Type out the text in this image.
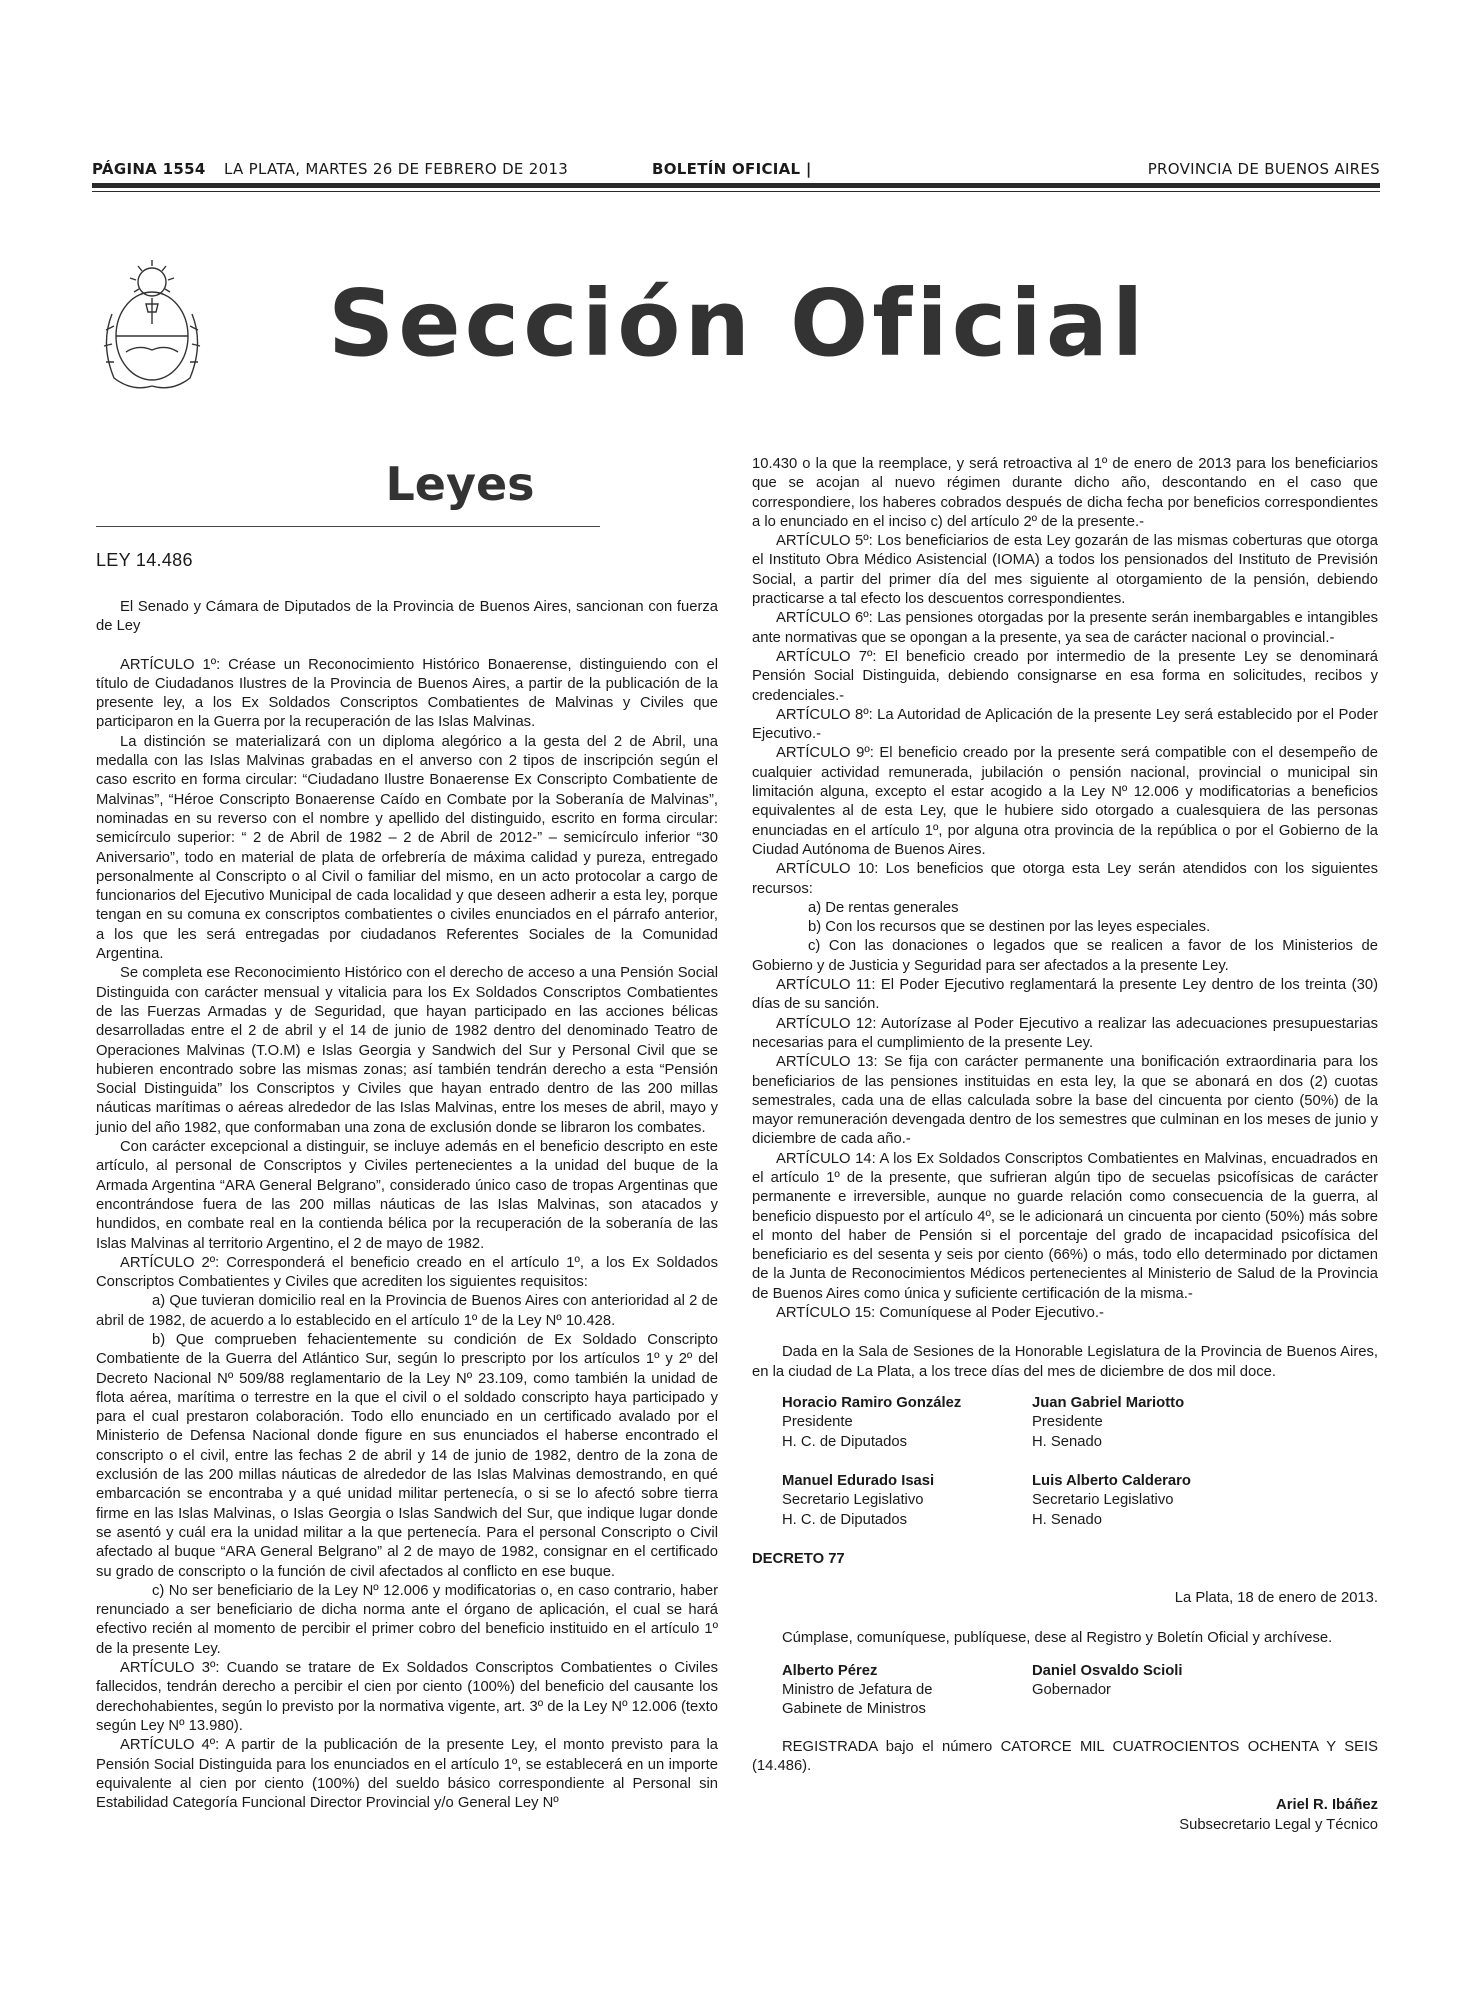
PÁGINA 1554 LA PLATA, MARTES 26 DE FEBRERO DE 2013	BOLETÍN OFICIAL |	PROVINCIA DE BUENOS AIRES
Sección Oficial
Leyes
LEY 14.486

El Senado y Cámara de Diputados de la Provincia de Buenos Aires, sancionan con fuerza de Ley

ARTÍCULO 1º: Créase un Reconocimiento Histórico Bonaerense, distinguiendo con el título de Ciudadanos Ilustres de la Provincia de Buenos Aires, a partir de la publicación de la presente ley, a los Ex Soldados Conscriptos Combatientes de Malvinas y Civiles que participaron en la Guerra por la recuperación de las Islas Malvinas.

La distinción se materializará con un diploma alegórico a la gesta del 2 de Abril, una medalla con las Islas Malvinas grabadas en el anverso con 2 tipos de inscripción según el caso escrito en forma circular: “Ciudadano Ilustre Bonaerense Ex Conscripto Combatiente de Malvinas”, “Héroe Conscripto Bonaerense Caído en Combate por la Soberanía de Malvinas”, nominadas en su reverso con el nombre y apellido del distinguido, escrito en forma circular: semicírculo superior: “ 2 de Abril de 1982 – 2 de Abril de 2012-” – semicírculo inferior “30 Aniversario”, todo en material de plata de orfebrería de máxima calidad y pureza, entregado personalmente al Conscripto o al Civil o familiar del mismo, en un acto protocolar a cargo de funcionarios del Ejecutivo Municipal de cada localidad y que deseen adherir a esta ley, porque tengan en su comuna ex conscriptos combatientes o civiles enunciados en el párrafo anterior, a los que les será entregadas por ciudadanos Referentes Sociales de la Comunidad Argentina.

Se completa ese Reconocimiento Histórico con el derecho de acceso a una Pensión Social Distinguida con carácter mensual y vitalicia para los Ex Soldados Conscriptos Combatientes de las Fuerzas Armadas y de Seguridad, que hayan participado en las acciones bélicas desarrolladas entre el 2 de abril y el 14 de junio de 1982 dentro del denominado Teatro de Operaciones Malvinas (T.O.M) e Islas Georgia y Sandwich del Sur y Personal Civil que se hubieren encontrado sobre las mismas zonas; así también tendrán derecho a esta “Pensión Social Distinguida” los Conscriptos y Civiles que hayan entrado dentro de las 200 millas náuticas marítimas o aéreas alrededor de las Islas Malvinas, entre los meses de abril, mayo y junio del año 1982, que conformaban una zona de exclusión donde se libraron los combates.

Con carácter excepcional a distinguir, se incluye además en el beneficio descripto en este artículo, al personal de Conscriptos y Civiles pertenecientes a la unidad del buque de la Armada Argentina “ARA General Belgrano”, considerado único caso de tropas Argentinas que encontrándose fuera de las 200 millas náuticas de las Islas Malvinas, son atacados y hundidos, en combate real en la contienda bélica por la recuperación de la soberanía de las Islas Malvinas al territorio Argentino, el 2 de mayo de 1982.

ARTÍCULO 2º: Corresponderá el beneficio creado en el artículo 1º, a los Ex Soldados Conscriptos Combatientes y Civiles que acrediten los siguientes requisitos:

a) Que tuvieran domicilio real en la Provincia de Buenos Aires con anterioridad al 2 de abril de 1982, de acuerdo a lo establecido en el artículo 1º de la Ley Nº 10.428.

b) Que comprueben fehacientemente su condición de Ex Soldado Conscripto Combatiente de la Guerra del Atlántico Sur, según lo prescripto por los artículos 1º y 2º del Decreto Nacional Nº 509/88 reglamentario de la Ley Nº 23.109, como también la unidad de flota aérea, marítima o terrestre en la que el civil o el soldado conscripto haya participado y para el cual prestaron colaboración. Todo ello enunciado en un certificado avalado por el Ministerio de Defensa Nacional donde figure en sus enunciados el haberse encontrado el conscripto o el civil, entre las fechas 2 de abril y 14 de junio de 1982, dentro de la zona de exclusión de las 200 millas náuticas de alrededor de las Islas Malvinas demostrando, en qué embarcación se encontraba y a qué unidad militar pertenecía, o si se lo afectó sobre tierra firme en las Islas Malvinas, o Islas Georgia o Islas Sandwich del Sur, que indique lugar donde se asentó y cuál era la unidad militar a la que pertenecía. Para el personal Conscripto o Civil afectado al buque “ARA General Belgrano” al 2 de mayo de 1982, consignar en el certificado su grado de conscripto o la función de civil afectados al conflicto en ese buque.

c) No ser beneficiario de la Ley Nº 12.006 y modificatorias o, en caso contrario, haber renunciado a ser beneficiario de dicha norma ante el órgano de aplicación, el cual se hará efectivo recién al momento de percibir el primer cobro del beneficio instituido en el artículo 1º de la presente Ley.

ARTÍCULO 3º: Cuando se tratare de Ex Soldados Conscriptos Combatientes o Civiles fallecidos, tendrán derecho a percibir el cien por ciento (100%) del beneficio del causante los derechohabientes, según lo previsto por la normativa vigente, art. 3º de la Ley Nº 12.006 (texto según Ley Nº 13.980).

ARTÍCULO 4º: A partir de la publicación de la presente Ley, el monto previsto para la Pensión Social Distinguida para los enunciados en el artículo 1º, se establecerá en un importe equivalente al cien por ciento (100%) del sueldo básico correspondiente al Personal sin Estabilidad Categoría Funcional Director Provincial y/o General Ley Nº

10.430 o la que la reemplace, y será retroactiva al 1º de enero de 2013 para los beneficiarios que se acojan al nuevo régimen durante dicho año, descontando en el caso que correspondiere, los haberes cobrados después de dicha fecha por beneficios correspondientes a lo enunciado en el inciso c) del artículo 2º de la presente.-

ARTÍCULO 5º: Los beneficiarios de esta Ley gozarán de las mismas coberturas que otorga el Instituto Obra Médico Asistencial (IOMA) a todos los pensionados del Instituto de Previsión Social, a partir del primer día del mes siguiente al otorgamiento de la pensión, debiendo practicarse a tal efecto los descuentos correspondientes.

ARTÍCULO 6º: Las pensiones otorgadas por la presente serán inembargables e intangibles ante normativas que se opongan a la presente, ya sea de carácter nacional o provincial.-

ARTÍCULO 7º: El beneficio creado por intermedio de la presente Ley se denominará Pensión Social Distinguida, debiendo consignarse en esa forma en solicitudes, recibos y credenciales.-

ARTÍCULO 8º: La Autoridad de Aplicación de la presente Ley será establecido por el Poder Ejecutivo.-

ARTÍCULO 9º: El beneficio creado por la presente será compatible con el desempeño de cualquier actividad remunerada, jubilación o pensión nacional, provincial o municipal sin limitación alguna, excepto el estar acogido a la Ley Nº 12.006 y modificatorias a beneficios equivalentes al de esta Ley, que le hubiere sido otorgado a cualesquiera de las personas enunciadas en el artículo 1º, por alguna otra provincia de la república o por el Gobierno de la Ciudad Autónoma de Buenos Aires.

ARTÍCULO 10: Los beneficios que otorga esta Ley serán atendidos con los siguientes recursos:

a) De rentas generales

b) Con los recursos que se destinen por las leyes especiales.

c) Con las donaciones o legados que se realicen a favor de los Ministerios de Gobierno y de Justicia y Seguridad para ser afectados a la presente Ley.

ARTÍCULO 11: El Poder Ejecutivo reglamentará la presente Ley dentro de los treinta (30) días de su sanción.

ARTÍCULO 12: Autorízase al Poder Ejecutivo a realizar las adecuaciones presupuestarias necesarias para el cumplimiento de la presente Ley.

ARTÍCULO 13: Se fija con carácter permanente una bonificación extraordinaria para los beneficiarios de las pensiones instituidas en esta ley, la que se abonará en dos (2) cuotas semestrales, cada una de ellas calculada sobre la base del cincuenta por ciento (50%) de la mayor remuneración devengada dentro de los semestres que culminan en los meses de junio y diciembre de cada año.-

ARTÍCULO 14: A los Ex Soldados Conscriptos Combatientes en Malvinas, encuadrados en el artículo 1º de la presente, que sufrieran algún tipo de secuelas psicofísicas de carácter permanente e irreversible, aunque no guarde relación como consecuencia de la guerra, al beneficio dispuesto por el artículo 4º, se le adicionará un cincuenta por ciento (50%) más sobre el monto del haber de Pensión si el porcentaje del grado de incapacidad psicofísica del beneficiario es del sesenta y seis por ciento (66%) o más, todo ello determinado por dictamen de la Junta de Reconocimientos Médicos pertenecientes al Ministerio de Salud de la Provincia de Buenos Aires como única y suficiente certificación de la misma.-

ARTÍCULO 15: Comuníquese al Poder Ejecutivo.-

Dada en la Sala de Sesiones de la Honorable Legislatura de la Provincia de Buenos Aires, en la ciudad de La Plata, a los trece días del mes de diciembre de dos mil doce.

Horacio Ramiro González
Presidente
H. C. de Diputados
Juan Gabriel Mariotto
Presidente
H. Senado
Manuel Edurado Isasi
Secretario Legislativo
H. C. de Diputados
Luis Alberto Calderaro
Secretario Legislativo
H. Senado
DECRETO 77
La Plata, 18 de enero de 2013.

Cúmplase, comuníquese, publíquese, dese al Registro y Boletín Oficial y archívese.

Alberto Pérez
Ministro de Jefatura de
Gabinete de Ministros
Daniel Osvaldo Scioli
Gobernador

REGISTRADA bajo el número CATORCE MIL CUATROCIENTOS OCHENTA Y SEIS (14.486).

Ariel R. Ibáñez
Subsecretario Legal y Técnico
